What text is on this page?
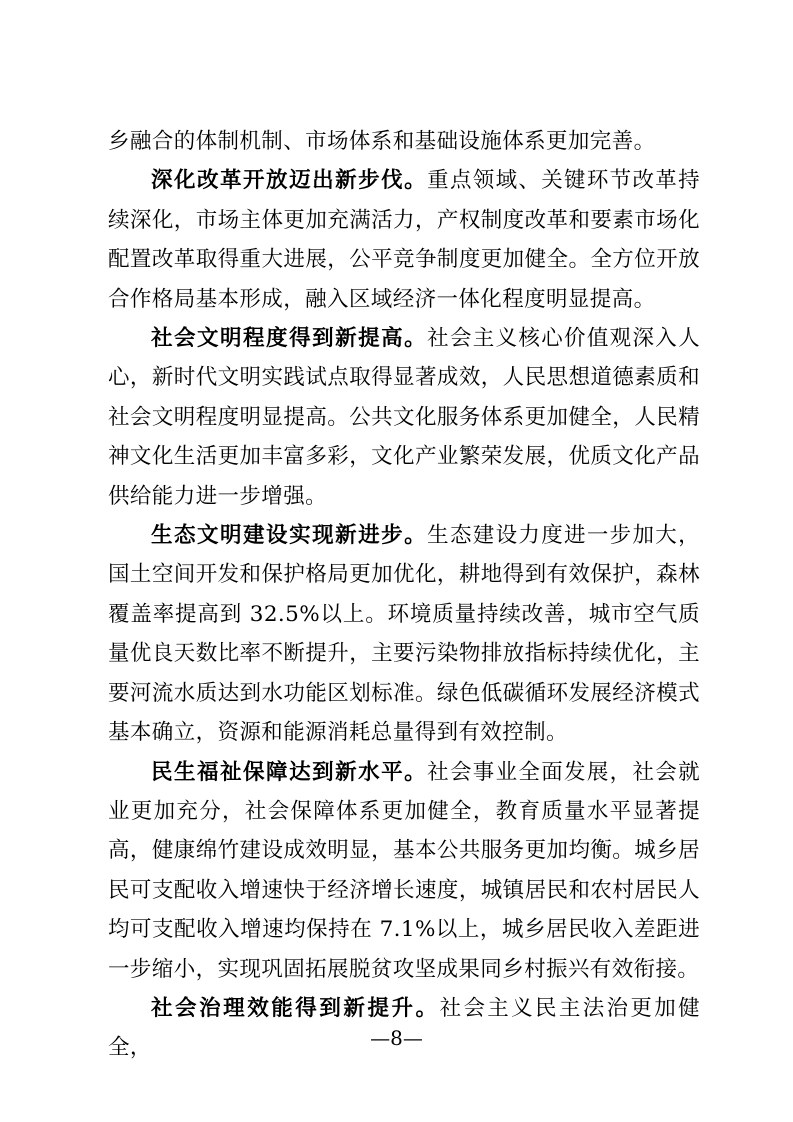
乡融合的体制机制、市场体系和基础设施体系更加完善。

深化改革开放迈出新步伐。重点领域、关键环节改革持续深化，市场主体更加充满活力，产权制度改革和要素市场化配置改革取得重大进展，公平竞争制度更加健全。全方位开放合作格局基本形成，融入区域经济一体化程度明显提高。

社会文明程度得到新提高。社会主义核心价值观深入人心，新时代文明实践试点取得显著成效，人民思想道德素质和社会文明程度明显提高。公共文化服务体系更加健全，人民精神文化生活更加丰富多彩，文化产业繁荣发展，优质文化产品供给能力进一步增强。

生态文明建设实现新进步。生态建设力度进一步加大，国土空间开发和保护格局更加优化，耕地得到有效保护，森林覆盖率提高到 32.5%以上。环境质量持续改善，城市空气质量优良天数比率不断提升，主要污染物排放指标持续优化，主要河流水质达到水功能区划标准。绿色低碳循环发展经济模式基本确立，资源和能源消耗总量得到有效控制。

民生福祉保障达到新水平。社会事业全面发展，社会就业更加充分，社会保障体系更加健全，教育质量水平显著提高，健康绵竹建设成效明显，基本公共服务更加均衡。城乡居民可支配收入增速快于经济增长速度，城镇居民和农村居民人均可支配收入增速均保持在 7.1%以上，城乡居民收入差距进一步缩小，实现巩固拓展脱贫攻坚成果同乡村振兴有效衔接。

社会治理效能得到新提升。社会主义民主法治更加健全，	—8—
